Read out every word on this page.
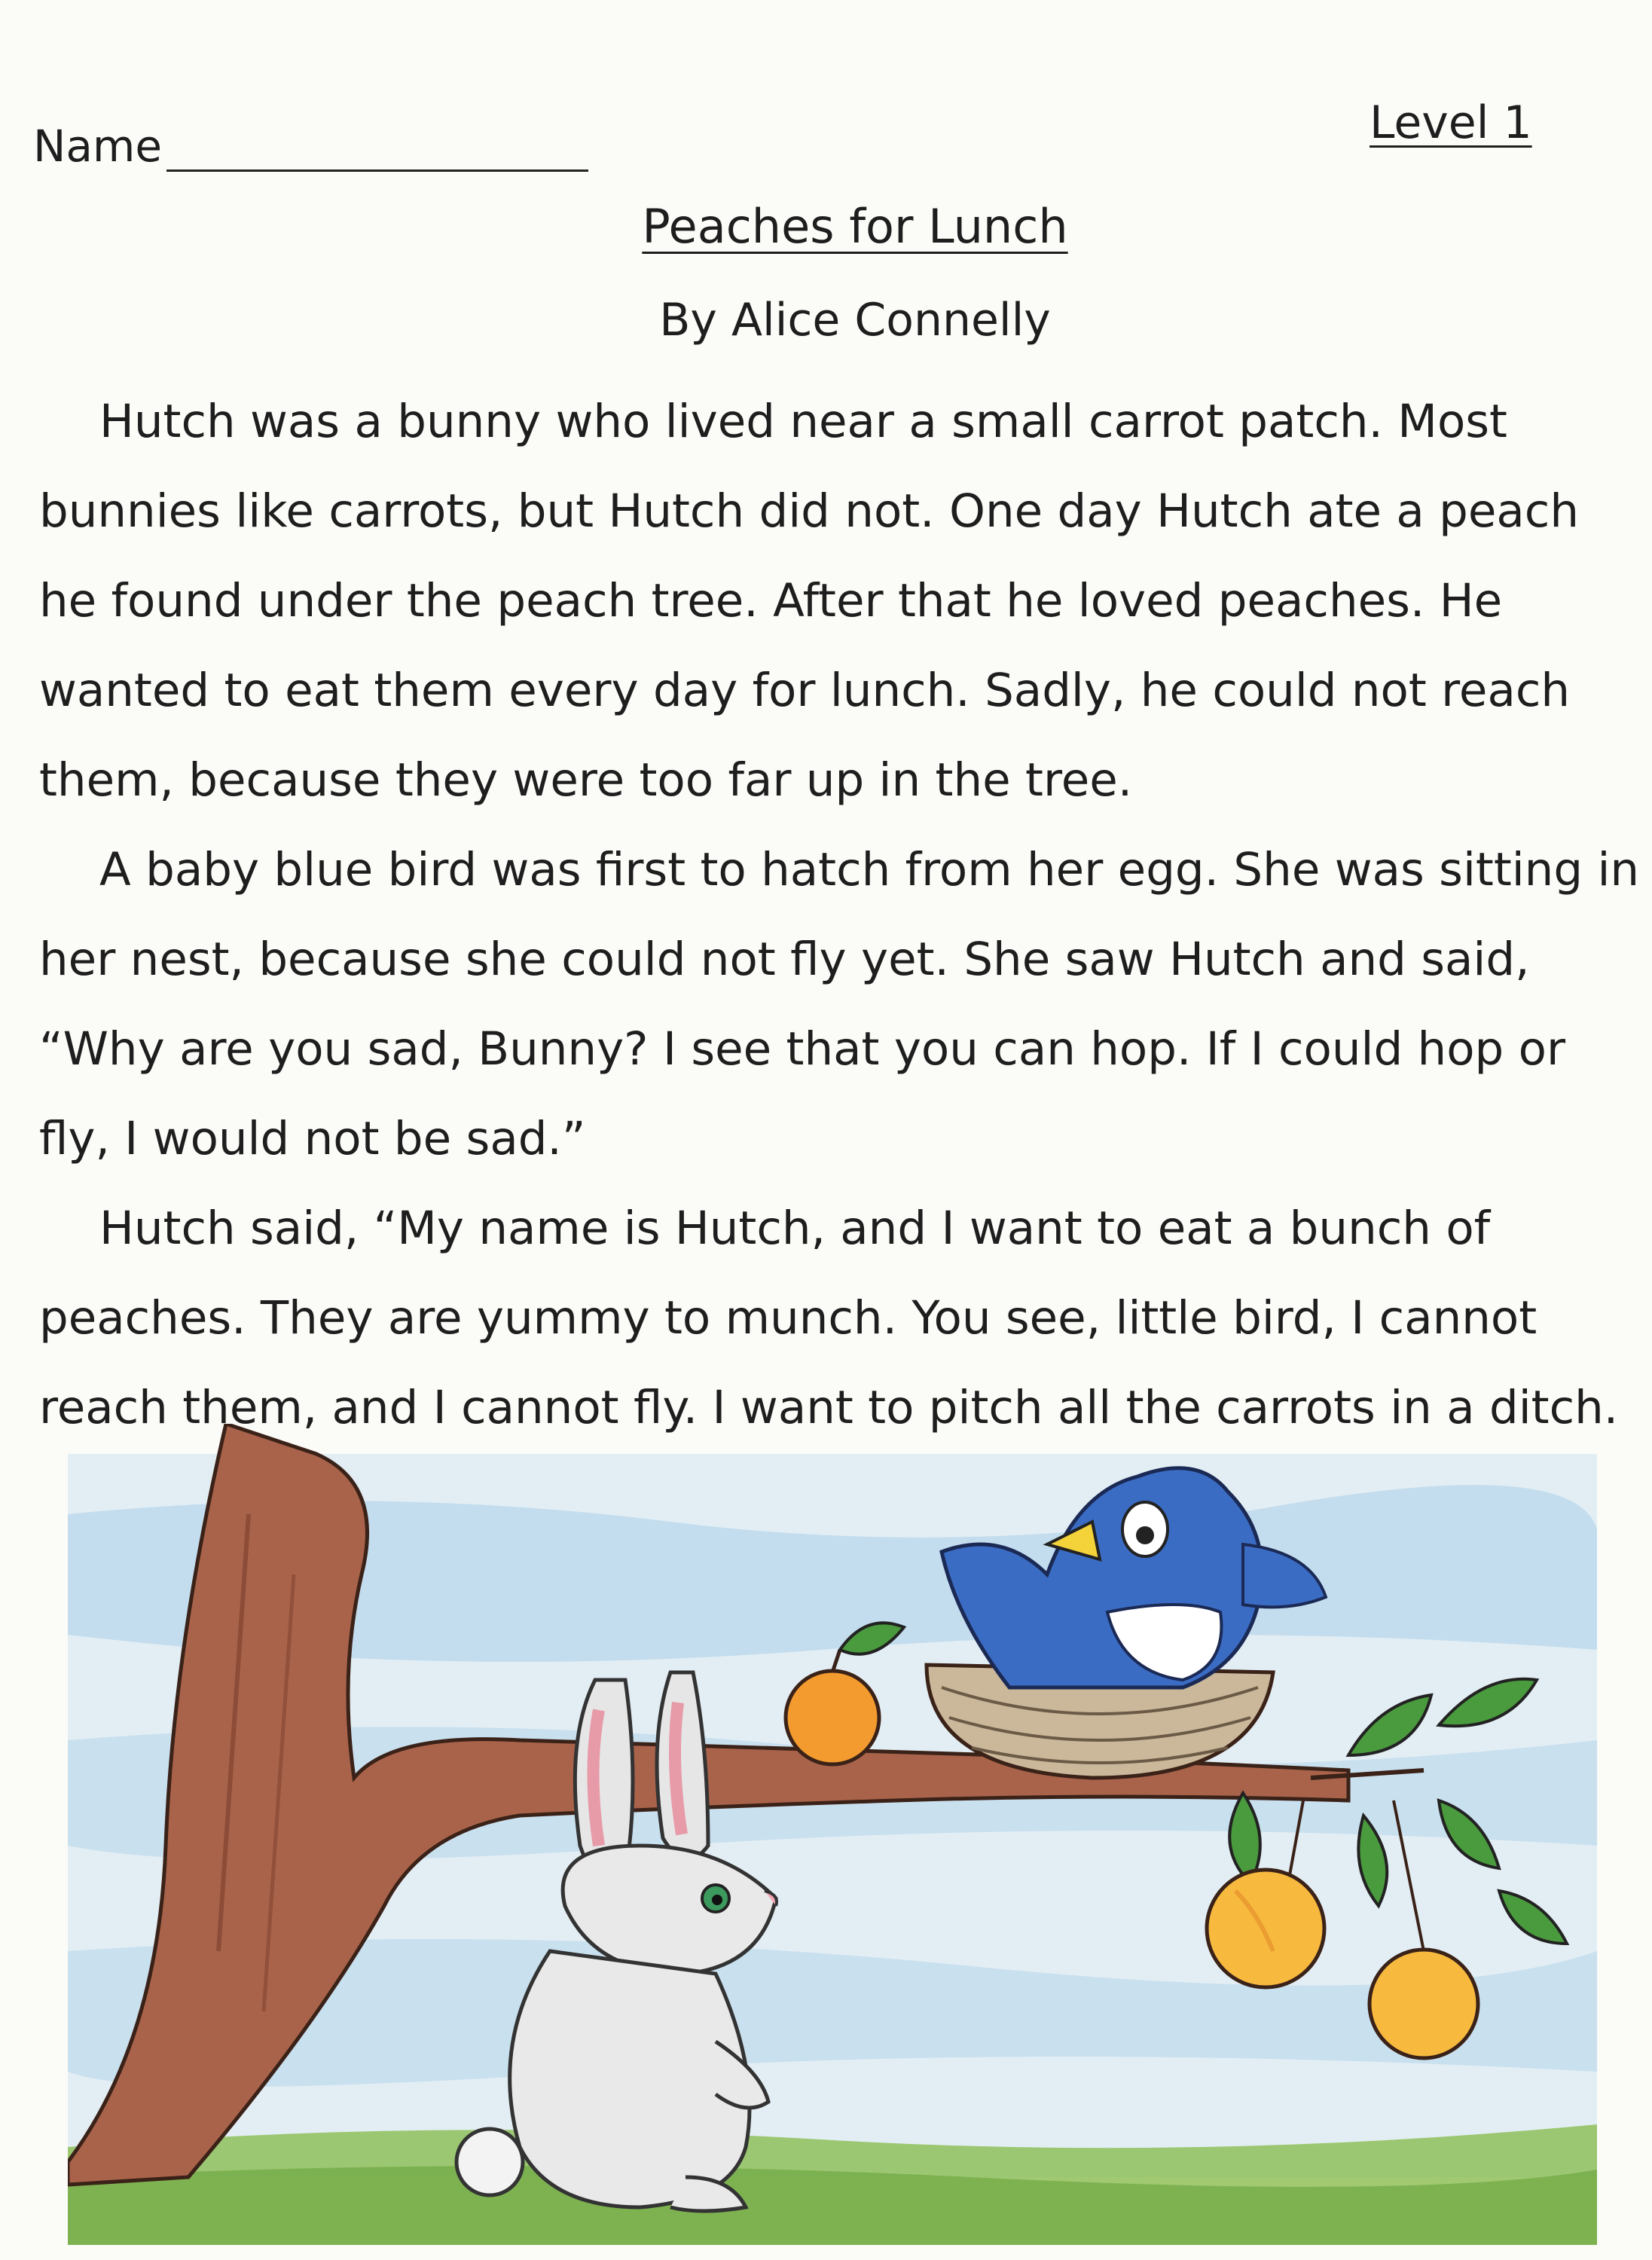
Name	Level 1
Peaches for Lunch
By Alice Connelly
Hutch was a bunny who lived near a small carrot patch. Most
bunnies like carrots, but Hutch did not. One day Hutch ate a peach
he found under the peach tree. After that he loved peaches. He
wanted to eat them every day for lunch. Sadly, he could not reach
them, because they were too far up in the tree.
A baby blue bird was first to hatch from her egg. She was sitting in
her nest, because she could not fly yet. She saw Hutch and said,
“Why are you sad, Bunny? I see that you can hop. If I could hop or
fly, I would not be sad.”
Hutch said, “My name is Hutch, and I want to eat a bunch of
peaches. They are yummy to munch. You see, little bird, I cannot
reach them, and I cannot fly. I want to pitch all the carrots in a ditch.
